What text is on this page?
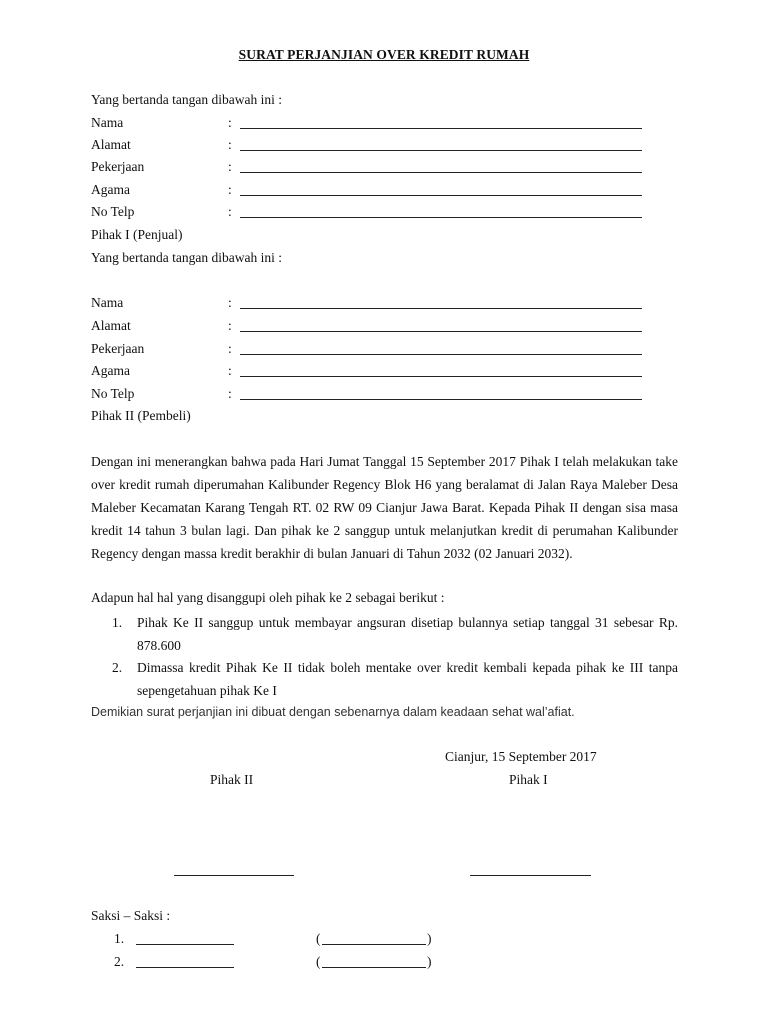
SURAT PERJANJIAN OVER KREDIT RUMAH
Yang bertanda tangan dibawah ini :
Nama	:
Alamat	:
Pekerjaan	:
Agama	:
No Telp	:
Pihak I (Penjual)
Yang bertanda tangan dibawah ini :
Nama	:
Alamat	:
Pekerjaan	:
Agama	:
No Telp	:
Pihak II (Pembeli)
Dengan ini menerangkan bahwa pada Hari Jumat Tanggal 15 September 2017 Pihak I telah melakukan take over kredit rumah diperumahan Kalibunder Regency Blok H6 yang beralamat di Jalan Raya Maleber Desa Maleber Kecamatan Karang Tengah RT. 02 RW 09 Cianjur Jawa Barat. Kepada Pihak II dengan sisa masa kredit 14 tahun 3 bulan lagi. Dan pihak ke 2 sanggup untuk melanjutkan kredit di perumahan Kalibunder Regency dengan massa kredit berakhir di bulan Januari di Tahun 2032 (02 Januari 2032).
Adapun hal hal yang disanggupi oleh pihak ke 2 sebagai berikut :
1. Pihak Ke II sanggup untuk membayar angsuran disetiap bulannya setiap tanggal 31 sebesar Rp. 878.600
2. Dimassa kredit Pihak Ke II tidak boleh mentake over kredit kembali kepada pihak ke III tanpa sepengetahuan pihak Ke I
Demikian surat perjanjian ini dibuat dengan sebenarnya dalam keadaan sehat wal’afiat.
Cianjur, 15 September 2017
Pihak II	Pihak I
Saksi – Saksi :
1.	(	)
2.	(	)
